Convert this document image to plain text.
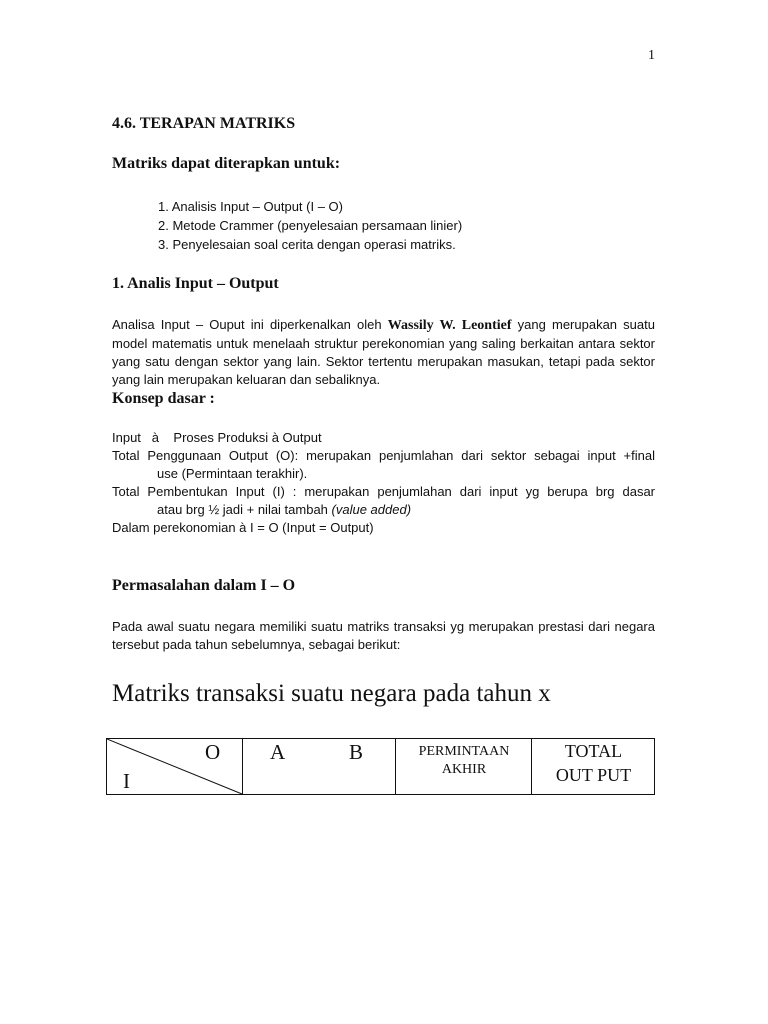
1
4.6. TERAPAN MATRIKS
Matriks dapat diterapkan untuk:
1. Analisis Input – Output (I – O)
2. Metode Crammer (penyelesaian persamaan linier)
3. Penyelesaian soal cerita dengan operasi matriks.
1. Analis Input – Output
Analisa Input – Ouput ini diperkenalkan oleh Wassily W. Leontief yang merupakan suatu model matematis untuk menelaah struktur perekonomian yang saling berkaitan antara sektor yang satu dengan sektor yang lain. Sektor tertentu merupakan masukan, tetapi pada sektor yang lain merupakan keluaran dan sebaliknya.
Konsep dasar :
Input   à    Proses Produksi à Output
Total Penggunaan Output (O): merupakan penjumlahan dari sektor sebagai input +final
use (Permintaan terakhir).
Total Pembentukan Input (I) : merupakan penjumlahan dari input yg berupa brg dasar
atau brg ½ jadi + nilai tambah (value added)
Dalam perekonomian à I = O (Input = Output)
Permasalahan dalam I – O
Pada awal suatu negara memiliki suatu matriks transaksi yg merupakan prestasi dari negara tersebut pada tahun sebelumnya, sebagai berikut:
Matriks transaksi suatu negara pada tahun x
O
I
A	B	PERMINTAAN AKHIR
TOTAL
OUT PUT
